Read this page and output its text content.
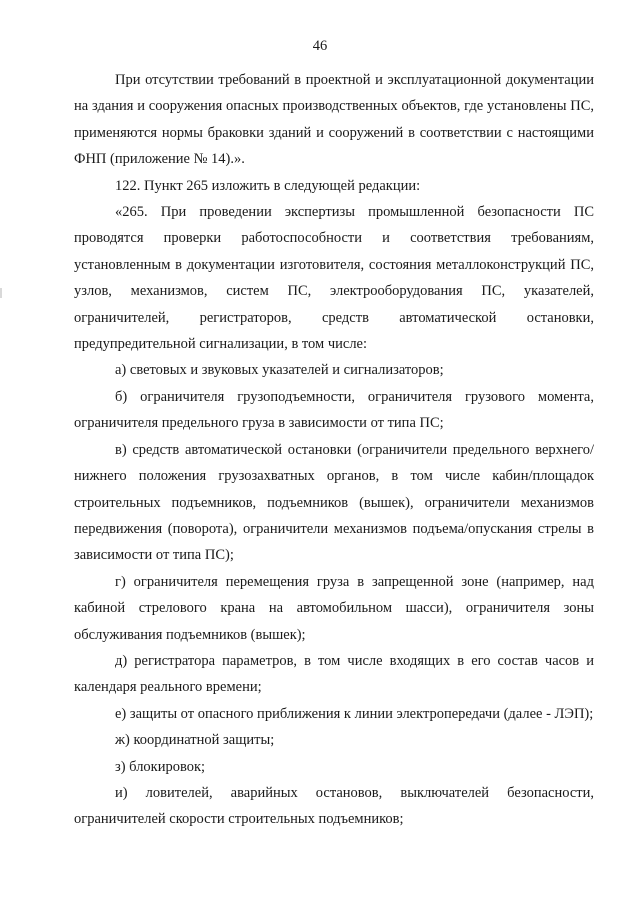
46

При отсутствии требований в проектной и эксплуатационной документации на здания и сооружения опасных производственных объектов, где установлены ПС, применяются нормы браковки зданий и сооружений в соответствии с настоящими ФНП (приложение № 14).».

122. Пункт 265 изложить в следующей редакции:

«265. При проведении экспертизы промышленной безопасности ПС проводятся проверки работоспособности и соответствия требованиям, установленным в документации изготовителя, состояния металлоконструкций ПС, узлов, механизмов, систем ПС, электрооборудования ПС, указателей, ограничителей, регистраторов, средств автоматической остановки, предупредительной сигнализации, в том числе:

а) световых и звуковых указателей и сигнализаторов;

б) ограничителя грузоподъемности, ограничителя грузового момента, ограничителя предельного груза в зависимости от типа ПС;

в) средств автоматической остановки (ограничители предельного верхнего/нижнего положения грузозахватных органов, в том числе кабин/площадок строительных подъемников, подъемников (вышек), ограничители механизмов передвижения (поворота), ограничители механизмов подъема/опускания стрелы в зависимости от типа ПС);

г) ограничителя перемещения груза в запрещенной зоне (например, над кабиной стрелового крана на автомобильном шасси), ограничителя зоны обслуживания подъемников (вышек);

д) регистратора параметров, в том числе входящих в его состав часов и календаря реального времени;

е) защиты от опасного приближения к линии электропередачи (далее - ЛЭП);

ж) координатной защиты;

з) блокировок;

и) ловителей, аварийных остановов, выключателей безопасности, ограничителей скорости строительных подъемников;
